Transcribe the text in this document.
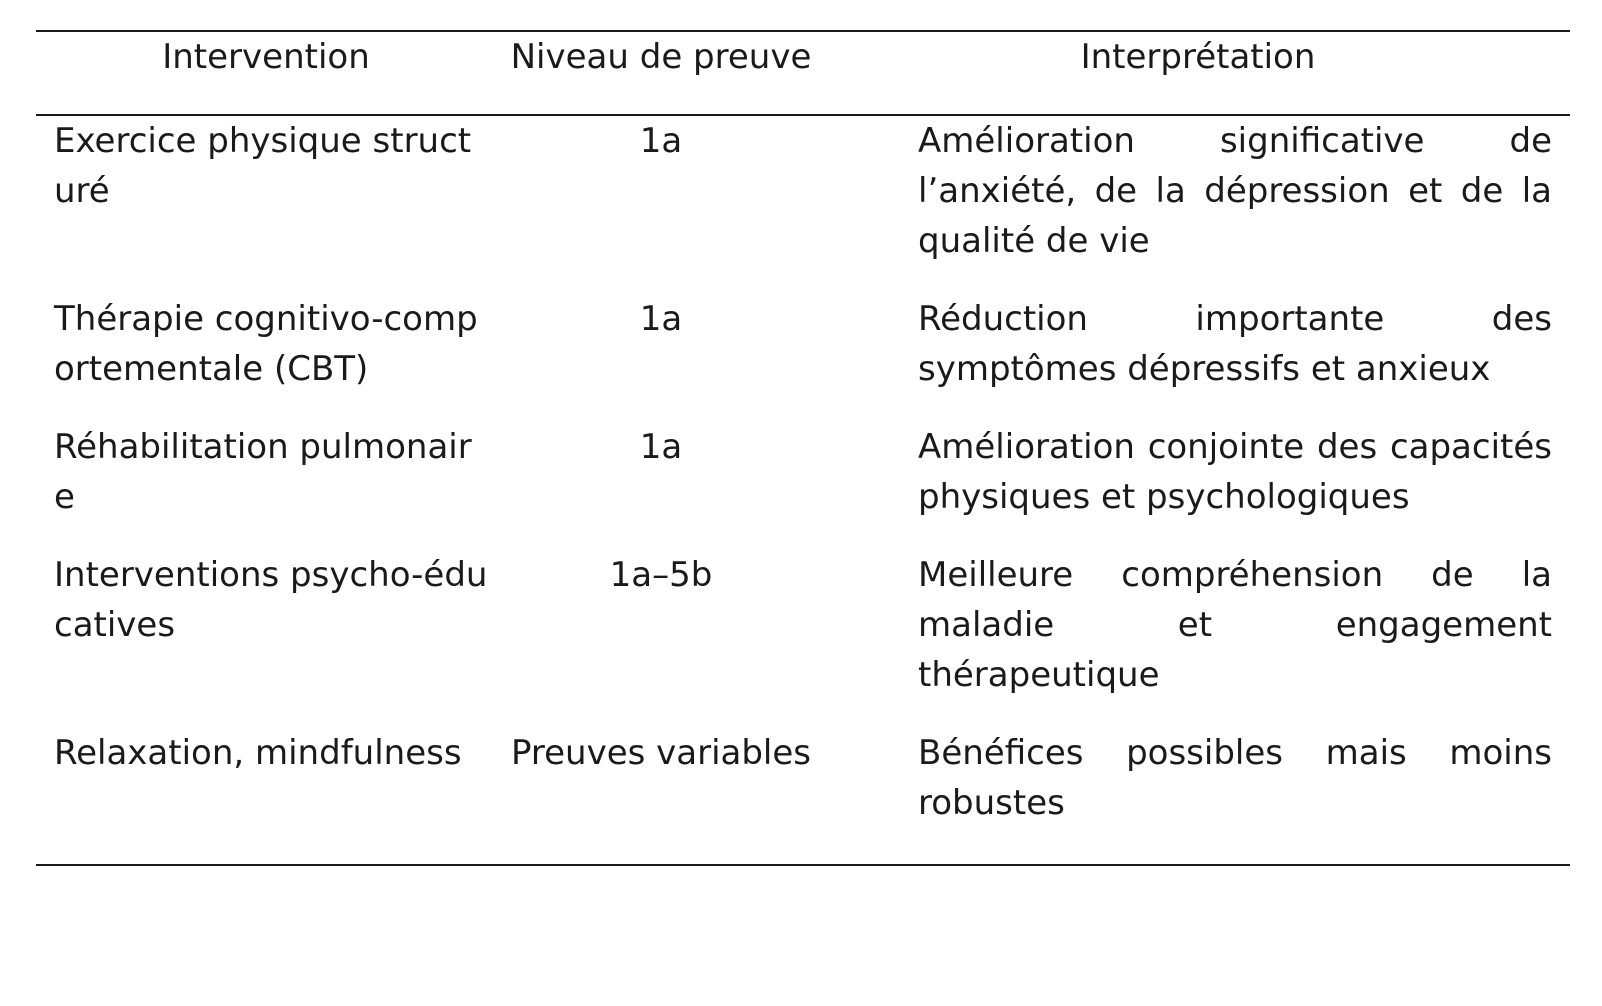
Intervention	Niveau de preuve	Interprétation
Exercice physique structuré	1a	Amélioration significative de l’anxiété, de la dépression et de la qualité de vie
Thérapie cognitivo-comportementale (CBT)	1a	Réduction importante des symptômes dépressifs et anxieux
Réhabilitation pulmonaire	1a	Amélioration conjointe des capacités physiques et psychologiques
Interventions psycho-éducatives	1a–5b	Meilleure compréhension de la maladie et engagement thérapeutique
Relaxation, mindfulness	Preuves variables	Bénéfices possibles mais moins robustes
